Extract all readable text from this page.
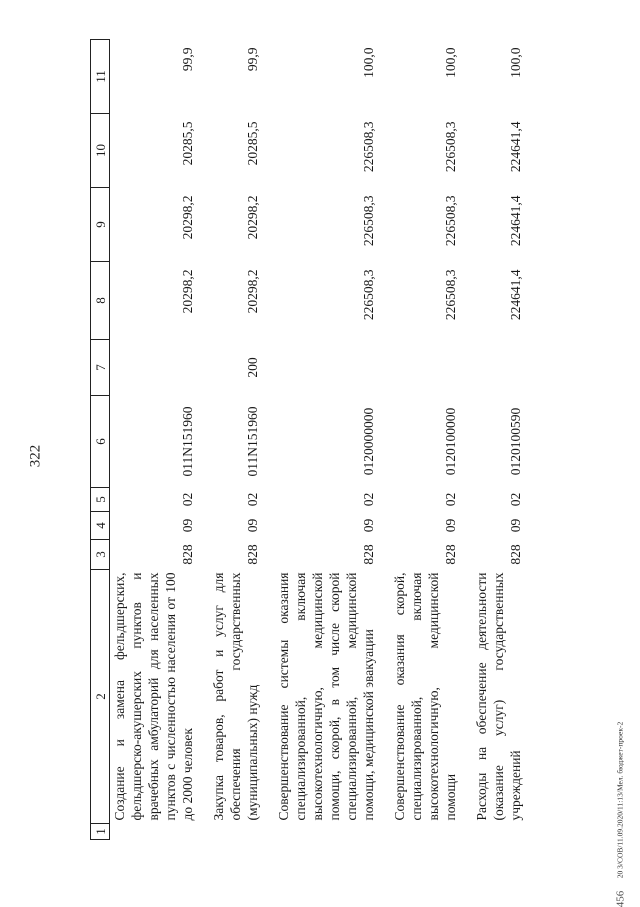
322
20 3/СОВ/11.09.2020/11:13/Мел. бюджет-проек-2
456
1	2	3	4	5	6	7	8	9	10	11
	Создание и замена фельдшерских, фельдшерско-акушерских пунктов и врачебных амбулаторий для населенных пунктов с численностью населения от 100 до 2000 человек	828	09	02	011N151960		20298,2	20298,2	20285,5	99,9

	Закупка товаров, работ и услуг для обеспечения государственных (муниципальных) нужд	828	09	02	011N151960	200	20298,2	20298,2	20285,5	99,9

	Совершенствование системы оказания специализированной, включая высокотехнологичную, медицинской помощи, скорой, в том числе скорой специализированной, медицинской помощи, медицинской эвакуации	828	09	02	0120000000		226508,3	226508,3	226508,3	100,0

	Совершенствование оказания скорой, специализированной, включая высокотехнологичную, медицинской помощи	828	09	02	0120100000		226508,3	226508,3	226508,3	100,0

	Расходы на обеспечение деятельности (оказание услуг) государственных учреждений	828	09	02	0120100590		224641,4	224641,4	224641,4	100,0
